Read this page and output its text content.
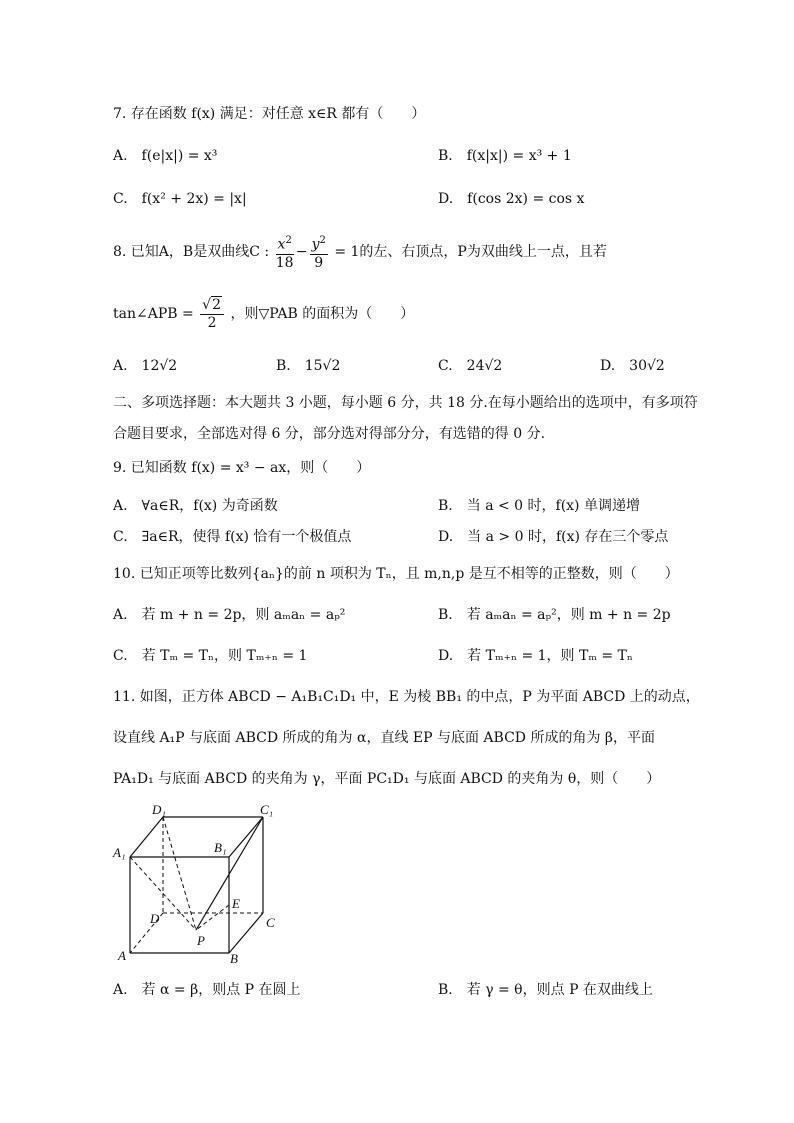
7. 存在函数 f(x) 满足：对任意 x∈R 都有（　　）
A.　f(e|x|) = x³	B.　f(x|x|) = x³ + 1
C.　f(x² + 2x) = |x|	D.　f(cos 2x) = cos x
8. 已知A，B是双曲线C : $\frac{x^2}{18} - \frac{y^2}{9} = 1$的左、右顶点，P为双曲线上一点，且若
tan∠APB = $\frac{√2}{2}$ ，则▽PAB 的面积为（　　）
A.　12√2	B.　15√2	C.　24√2	D.　30√2
二、多项选择题：本大题共 3 小题，每小题 6 分，共 18 分.在每小题给出的选项中，有多项符
合题目要求，全部选对得 6 分，部分选对得部分分，有选错的得 0 分.
9. 已知函数 f(x) = x³ − ax，则（　　）
A.　∀a∈R，f(x) 为奇函数	B.　当 a < 0 时，f(x) 单调递增
C.　∃a∈R，使得 f(x) 恰有一个极值点	D.　当 a > 0 时，f(x) 存在三个零点
10. 已知正项等比数列{aₙ}的前 n 项积为 Tₙ，且 m,n,p 是互不相等的正整数，则（　　）
A.　若 m + n = 2p，则 aₘaₙ = aₚ²	B.　若 aₘaₙ = aₚ²，则 m + n = 2p
C.　若 Tₘ = Tₙ，则 Tₘ₊ₙ = 1	D.　若 Tₘ₊ₙ = 1，则 Tₘ = Tₙ
11. 如图，正方体 ABCD − A₁B₁C₁D₁ 中，E 为棱 BB₁ 的中点，P 为平面 ABCD 上的动点，
设直线 A₁P 与底面 ABCD 所成的角为 α，直线 EP 与底面 ABCD 所成的角为 β，平面
PA₁D₁ 与底面 ABCD 的夹角为 γ，平面 PC₁D₁ 与底面 ABCD 的夹角为 θ，则（　　）
D₁	C₁
A₁	B₁
D	C
E
P
A	B
A.　若 α = β，则点 P 在圆上	B.　若 γ = θ，则点 P 在双曲线上
